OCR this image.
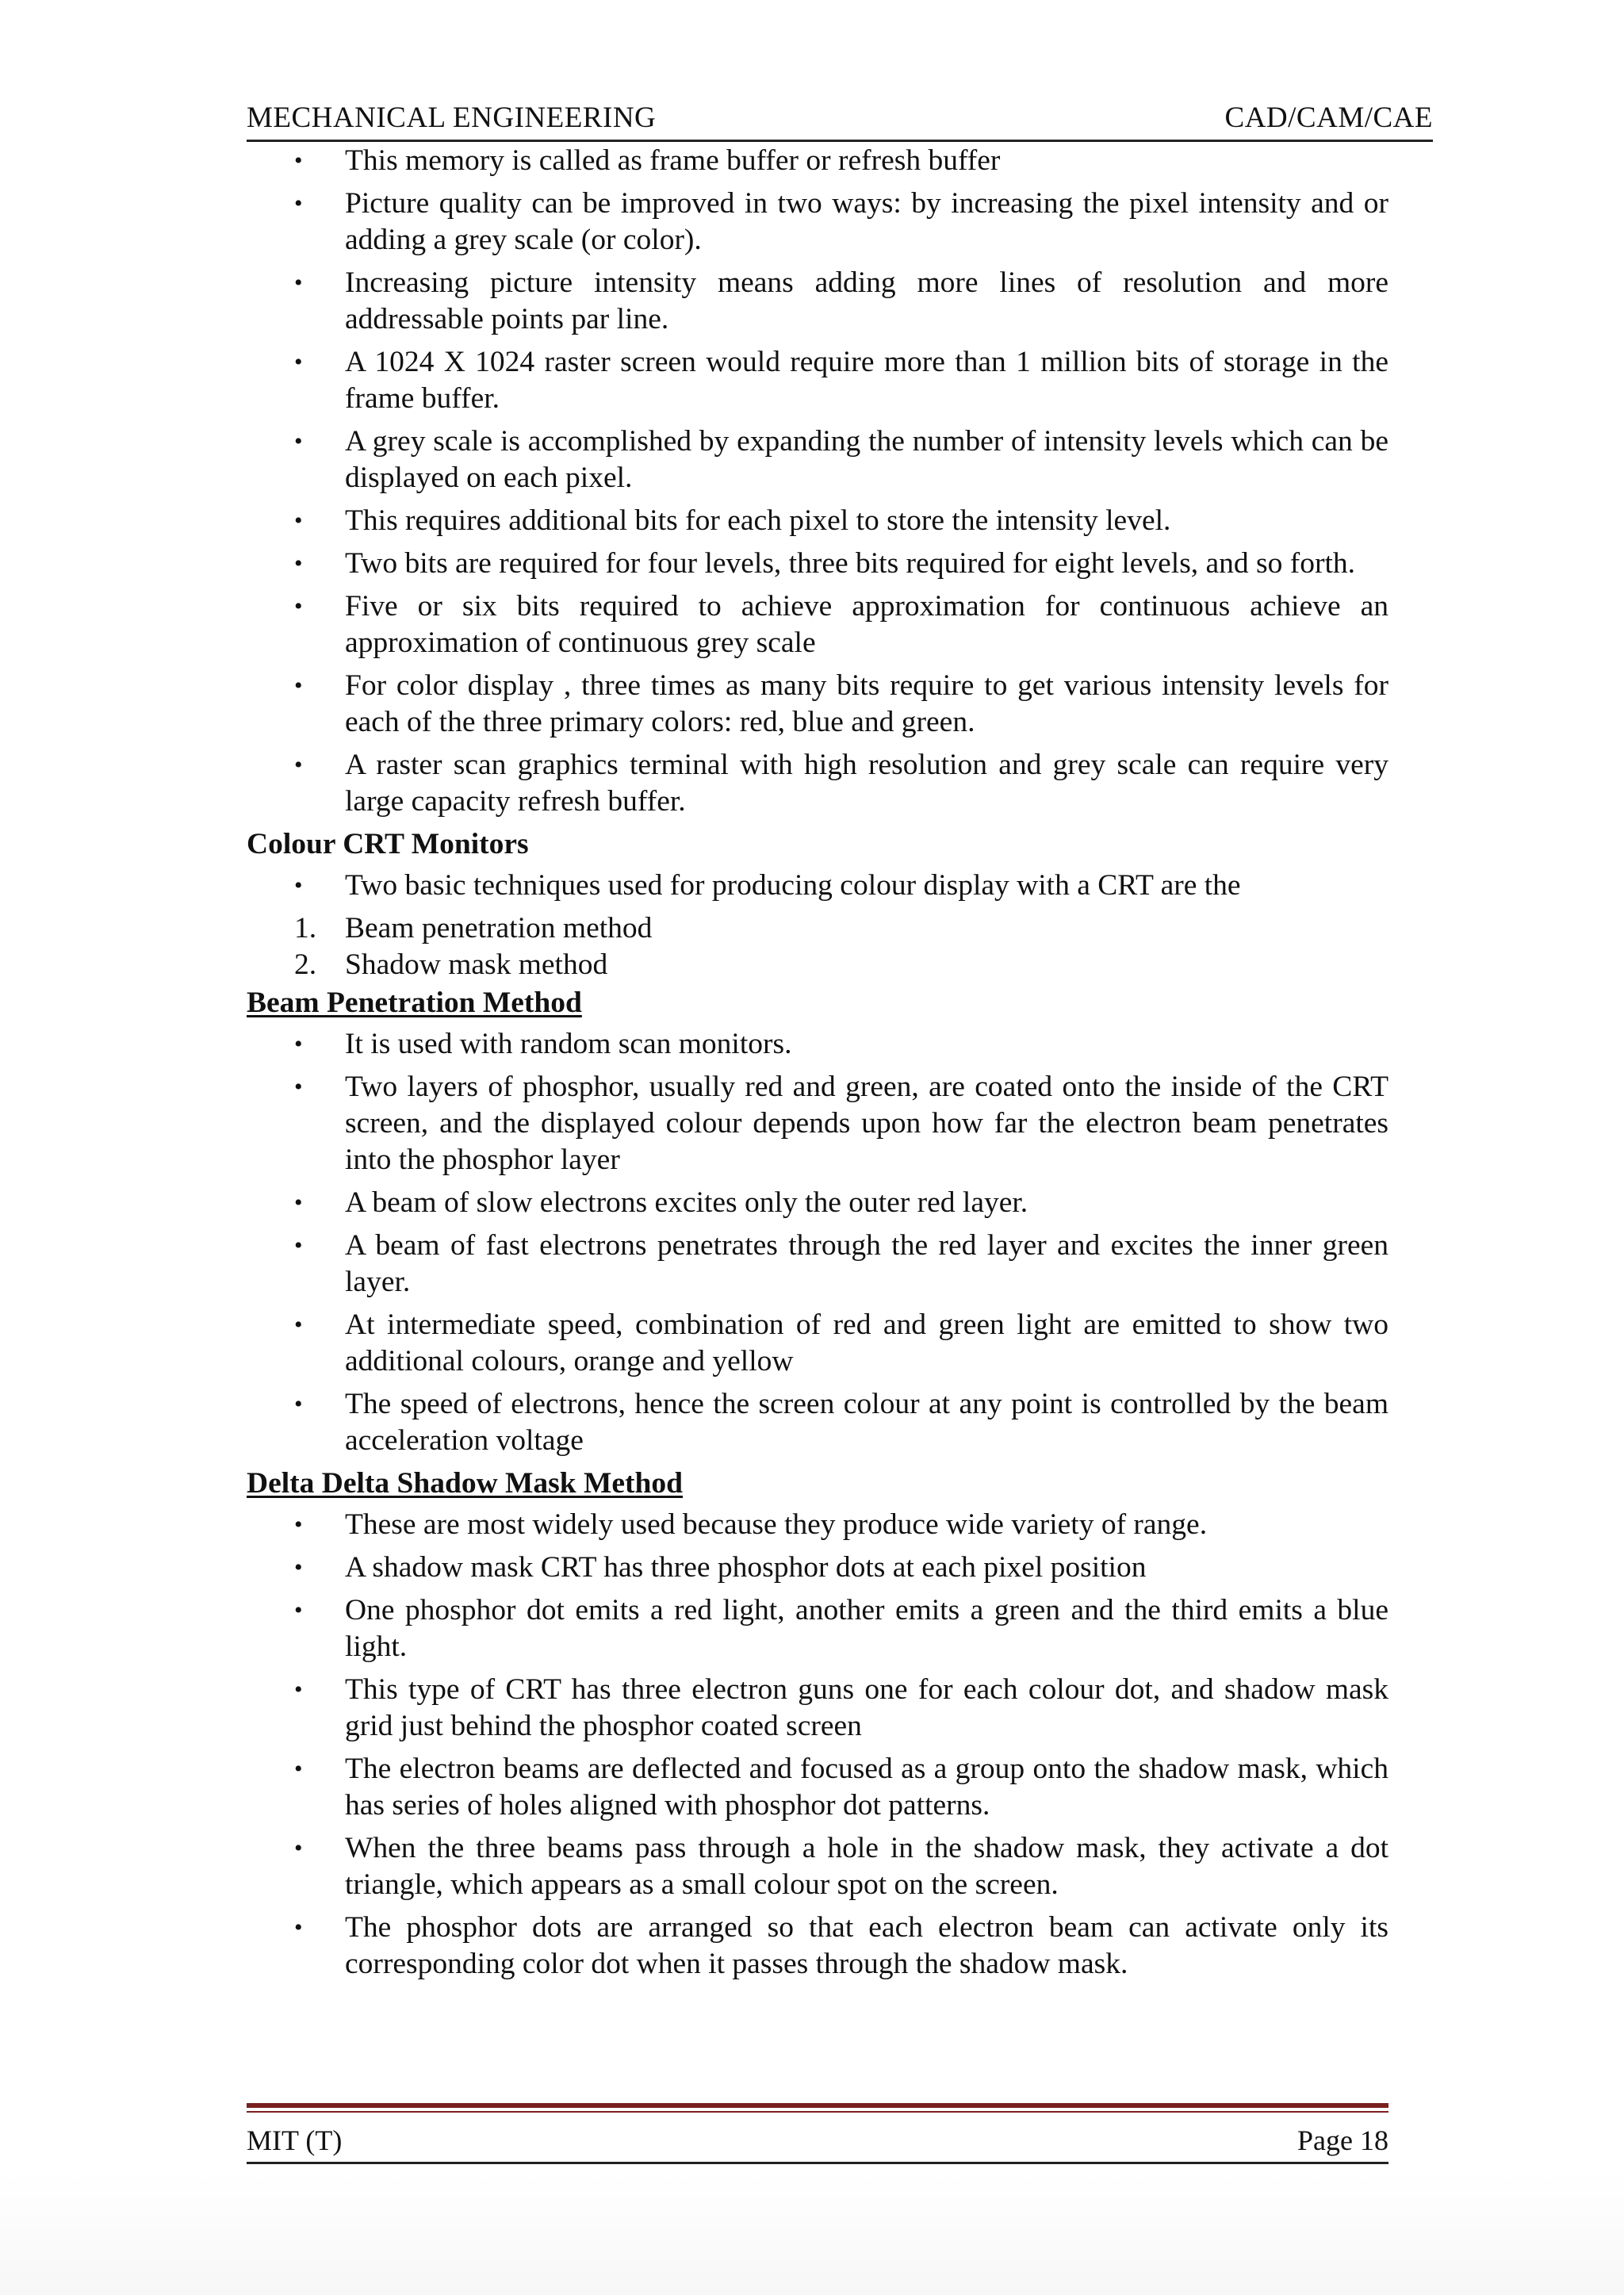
MECHANICAL ENGINEERING	CAD/CAM/CAE
• This memory is called as frame buffer or refresh buffer
• Picture quality can be improved in two ways: by increasing the pixel intensity and or adding a grey scale (or color).
• Increasing picture intensity means adding more lines of resolution and more addressable points par line.
• A 1024 X 1024 raster screen would require more than 1 million bits of storage in the frame buffer.
• A grey scale is accomplished by expanding the number of intensity levels which can be displayed on each pixel.
• This requires additional bits for each pixel to store the intensity level.
• Two bits are required for four levels, three bits required for eight levels, and so forth.
• Five or six bits required to achieve approximation for continuous achieve an approximation of continuous grey scale
• For color display , three times as many bits require to get various intensity levels for each of the three primary colors: red, blue and green.
• A raster scan graphics terminal with high resolution and grey scale can require very large capacity refresh buffer.
Colour CRT Monitors
• Two basic techniques used for producing colour display with a CRT are the
1. Beam penetration method
2. Shadow mask method
Beam Penetration Method
• It is used with random scan monitors.
• Two layers of phosphor, usually red and green, are coated onto the inside of the CRT screen, and the displayed colour depends upon how far the electron beam penetrates into the phosphor layer
• A beam of slow electrons excites only the outer red layer.
• A beam of fast electrons penetrates through the red layer and excites the inner green layer.
• At intermediate speed, combination of red and green light are emitted to show two additional colours, orange and yellow
• The speed of electrons, hence the screen colour at any point is controlled by the beam acceleration voltage
Delta Delta Shadow Mask Method
• These are most widely used because they produce wide variety of range.
• A shadow mask CRT has three phosphor dots at each pixel position
• One phosphor dot emits a red light, another emits a green and the third emits a blue light.
• This type of CRT has three electron guns one for each colour dot, and shadow mask grid just behind the phosphor coated screen
• The electron beams are deflected and focused as a group onto the shadow mask, which has series of holes aligned with phosphor dot patterns.
• When the three beams pass through a hole in the shadow mask, they activate a dot triangle, which appears as a small colour spot on the screen.
• The phosphor dots are arranged so that each electron beam can activate only its corresponding color dot when it passes through the shadow mask.
MIT (T)	Page 18
